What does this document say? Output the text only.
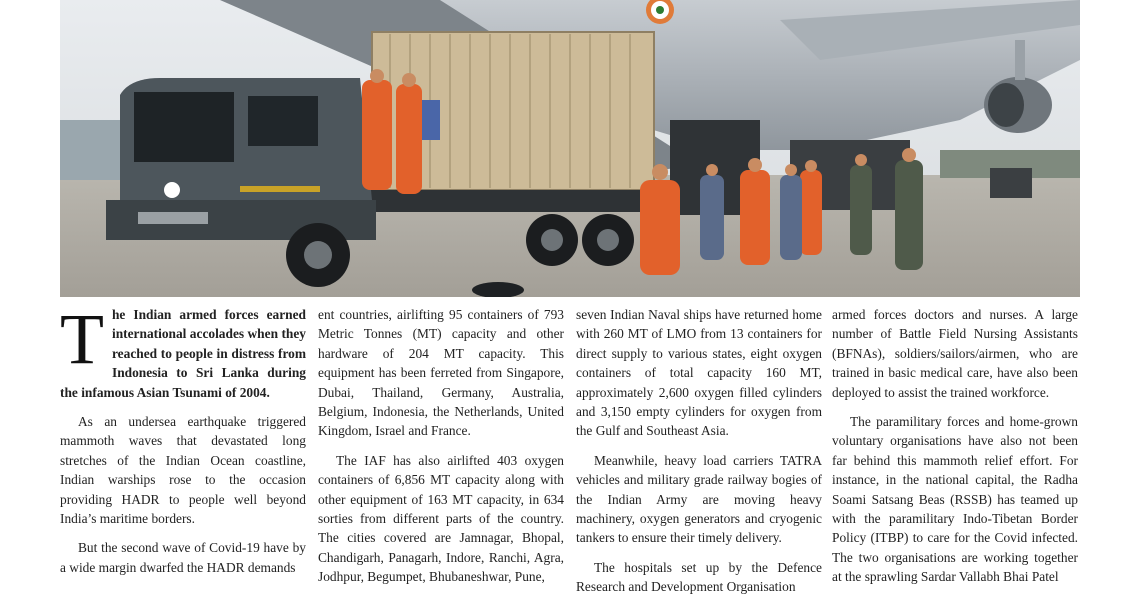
The Indian armed forces earned international accolades when they reached to people in distress from Indonesia to Sri Lanka during the infamous Asian Tsunami of 2004.

As an undersea earthquake triggered mammoth waves that devastated long stretches of the Indian Ocean coastline, Indian warships rose to the occasion providing HADR to people well beyond India’s maritime borders.

But the second wave of Covid-19 have by a wide margin dwarfed the HADR demands

ent countries, airlifting 95 containers of 793 Metric Tonnes (MT) capacity and other hardware of 204 MT capacity. This equipment has been ferreted from Singapore, Dubai, Thailand, Germany, Australia, Belgium, Indonesia, the Netherlands, United Kingdom, Israel and France.

The IAF has also airlifted 403 oxygen containers of 6,856 MT capacity along with other equipment of 163 MT capacity, in 634 sorties from different parts of the country. The cities covered are Jamnagar, Bhopal, Chandigarh, Panagarh, Indore, Ranchi, Agra, Jodhpur, Begumpet, Bhubaneshwar, Pune,

seven Indian Naval ships have returned home with 260 MT of LMO from 13 containers for direct supply to various states, eight oxygen containers of total capacity 160 MT, approximately 2,600 oxygen filled cylinders and 3,150 empty cylinders for oxygen from the Gulf and Southeast Asia.

Meanwhile, heavy load carriers TATRA vehicles and military grade railway bogies of the Indian Army are moving heavy machinery, oxygen generators and cryogenic tankers to ensure their timely delivery.

The hospitals set up by the Defence Research and Development Organisation

armed forces doctors and nurses. A large number of Battle Field Nursing Assistants (BFNAs), soldiers/sailors/airmen, who are trained in basic medical care, have also been deployed to assist the trained workforce.

The paramilitary forces and home-grown voluntary organisations have also not been far behind this mammoth relief effort. For instance, in the national capital, the Radha Soami Satsang Beas (RSSB) has teamed up with the paramilitary Indo-Tibetan Border Policy (ITBP) to care for the Covid infected. The two organisations are working together at the sprawling Sardar Vallabh Bhai Patel
